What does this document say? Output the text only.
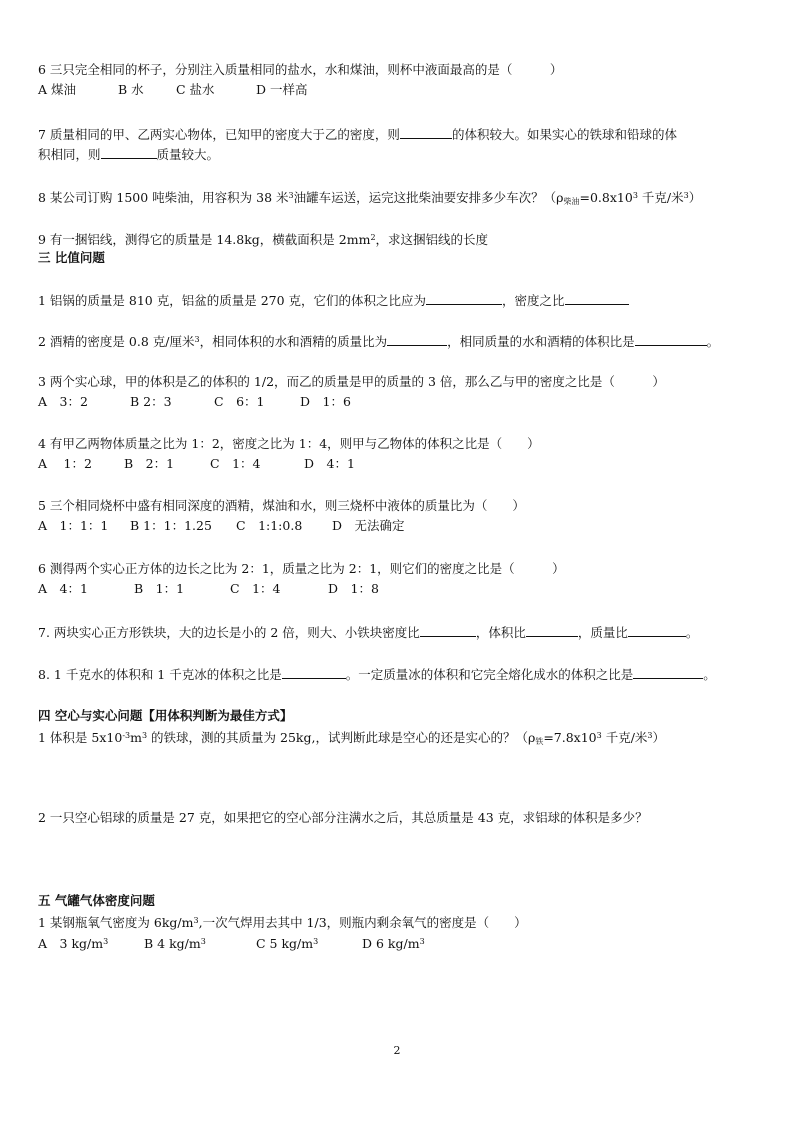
6 三只完全相同的杯子，分别注入质量相同的盐水，水和煤油，则杯中液面最高的是（　　　）
A 煤油	B 水	C 盐水	D 一样高
7 质量相同的甲、乙两实心物体，已知甲的密度大于乙的密度，则	的体积较大。如果实心的铁球和铅球的体
积相同，则	质量较大。
8 某公司订购 1500 吨柴油，用容积为 38 米$^3$油罐车运送，运完这批柴油要安排多少车次？（$\rho_{柴油}=0.8x10^3$ 千克/米$^3$）
9 有一捆铝线，测得它的质量是 14.8kg，横截面积是 $2mm^2$，求这捆铝线的长度
三 比值问题
1 铝锅的质量是 810 克，铝盆的质量是 270 克，它们的体积之比应为	，密度之比
2 酒精的密度是 0.8 克/厘米$^3$，相同体积的水和酒精的质量比为	，相同质量的水和酒精的体积比是	。
3 两个实心球，甲的体积是乙的体积的 1/2，而乙的质量是甲的质量的 3 倍，那么乙与甲的密度之比是（　　　）
A　3：2	B 2：3	C　6：1	D　1：6
4 有甲乙两物体质量之比为 1：2，密度之比为 1：4，则甲与乙物体的体积之比是（　　）
A　 1：2	B　2：1	C　1：4	D　4：1
5 三个相同烧杯中盛有相同深度的酒精，煤油和水，则三烧杯中液体的质量比为（　　）
A　1：1：1 B 1：1：1.25 C　1:1:0.8 D　无法确定
6 测得两个实心正方体的边长之比为 2：1，质量之比为 2：1，则它们的密度之比是（　　　）
A　4：1	B　1：1	C　1：4	D　1：8
7. 两块实心正方形铁块，大的边长是小的 2 倍，则大、小铁块密度比	，体积比	，质量比	。
8. 1 千克水的体积和 1 千克冰的体积之比是	。一定质量冰的体积和它完全熔化成水的体积之比是	。
四 空心与实心问题【用体积判断为最佳方式】
1 体积是 $5x10^{-3}m^3$ 的铁球，测的其质量为 25kg,，试判断此球是空心的还是实心的？（$\rho_铁=7.8x10^3$ 千克/米$^3$）
2 一只空心铝球的质量是 27 克，如果把它的空心部分注满水之后，其总质量是 43 克，求铝球的体积是多少？
五 气罐气体密度问题
1 某钢瓶氧气密度为 $6kg/m^3$,一次气焊用去其中 1/3，则瓶内剩余氧气的密度是（　　）
A　3 $kg/m^3$	B 4 $kg/m^3$	C 5 $kg/m^3$	D 6 $kg/m^3$
2
